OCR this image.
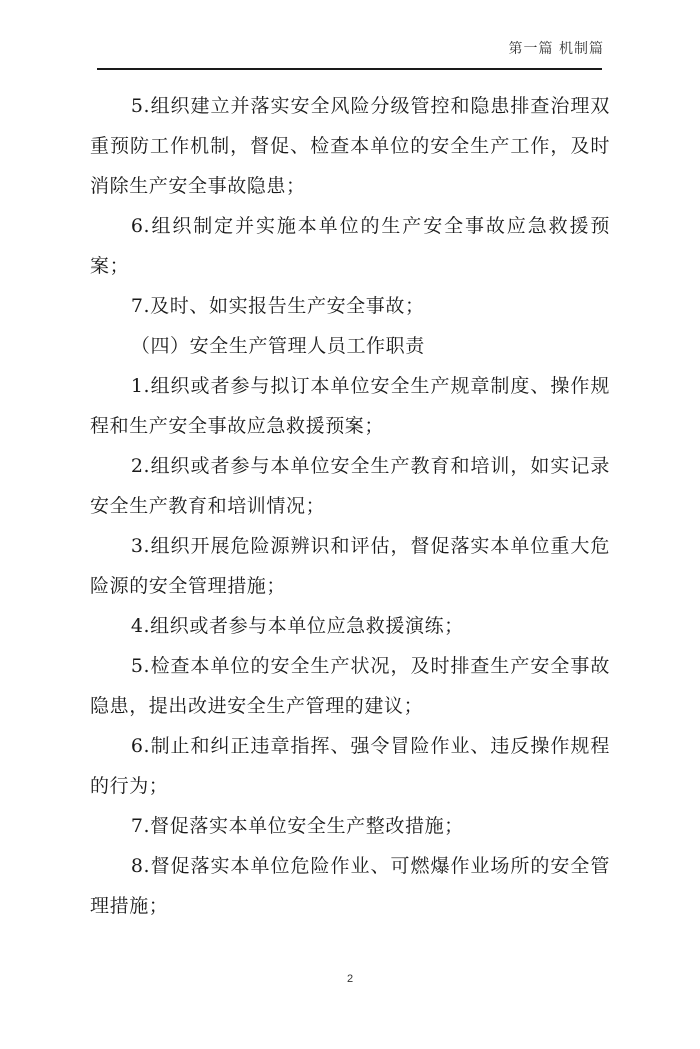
第一篇 机制篇

5.组织建立并落实安全风险分级管控和隐患排查治理双重预防工作机制，督促、检查本单位的安全生产工作，及时消除生产安全事故隐患；

6.组织制定并实施本单位的生产安全事故应急救援预案；

7.及时、如实报告生产安全事故；

（四）安全生产管理人员工作职责

1.组织或者参与拟订本单位安全生产规章制度、操作规程和生产安全事故应急救援预案；

2.组织或者参与本单位安全生产教育和培训，如实记录安全生产教育和培训情况；

3.组织开展危险源辨识和评估，督促落实本单位重大危险源的安全管理措施；

4.组织或者参与本单位应急救援演练；

5.检查本单位的安全生产状况，及时排查生产安全事故隐患，提出改进安全生产管理的建议；

6.制止和纠正违章指挥、强令冒险作业、违反操作规程的行为；

7.督促落实本单位安全生产整改措施；

8.督促落实本单位危险作业、可燃爆作业场所的安全管理措施；

2
